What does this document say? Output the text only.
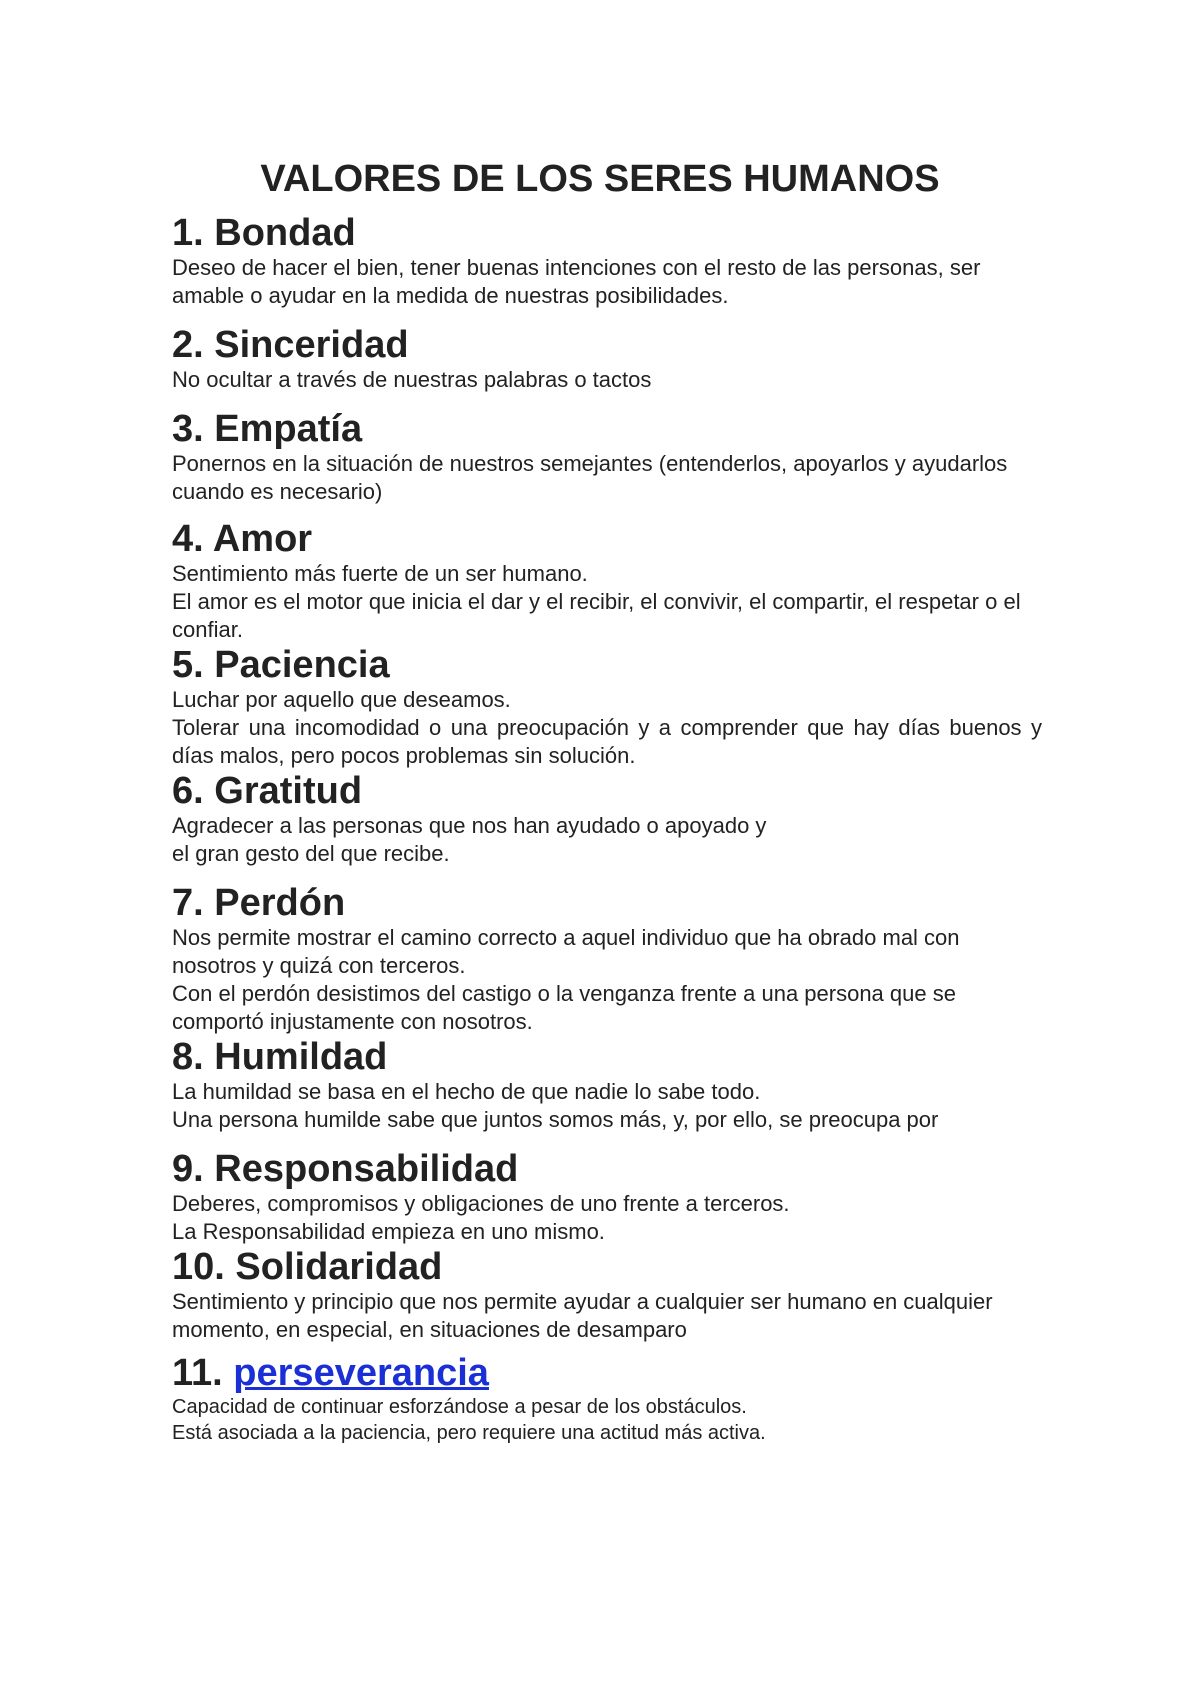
VALORES DE LOS SERES HUMANOS
1. Bondad

Deseo de hacer el bien, tener buenas intenciones con el resto de las personas, ser amable o ayudar en la medida de nuestras posibilidades.

2. Sinceridad

No ocultar a través de nuestras palabras o tactos

3. Empatía

Ponernos en la situación de nuestros semejantes (entenderlos, apoyarlos y ayudarlos cuando es necesario)

4. Amor

Sentimiento más fuerte de un ser humano.

El amor es el motor que inicia el dar y el recibir, el convivir, el compartir, el respetar o el confiar.

5. Paciencia

Luchar por aquello que deseamos.

Tolerar una incomodidad o una preocupación y a comprender que hay días buenos y días malos, pero pocos problemas sin solución.

6. Gratitud

Agradecer a las personas que nos han ayudado o apoyado y

el gran gesto del que recibe.

7. Perdón

Nos permite mostrar el camino correcto a aquel individuo que ha obrado mal con nosotros y quizá con terceros.

Con el perdón desistimos del castigo o la venganza frente a una persona que se comportó injustamente con nosotros.

8. Humildad

La humildad se basa en el hecho de que nadie lo sabe todo.

Una persona humilde sabe que juntos somos más, y, por ello, se preocupa por

9. Responsabilidad

Deberes, compromisos y obligaciones de uno frente a terceros.

La Responsabilidad empieza en uno mismo.

10. Solidaridad

Sentimiento y principio que nos permite ayudar a cualquier ser humano en cualquier momento, en especial, en situaciones de desamparo

11. perseverancia

Capacidad de continuar esforzándose a pesar de los obstáculos.

Está asociada a la paciencia, pero requiere una actitud más activa.
